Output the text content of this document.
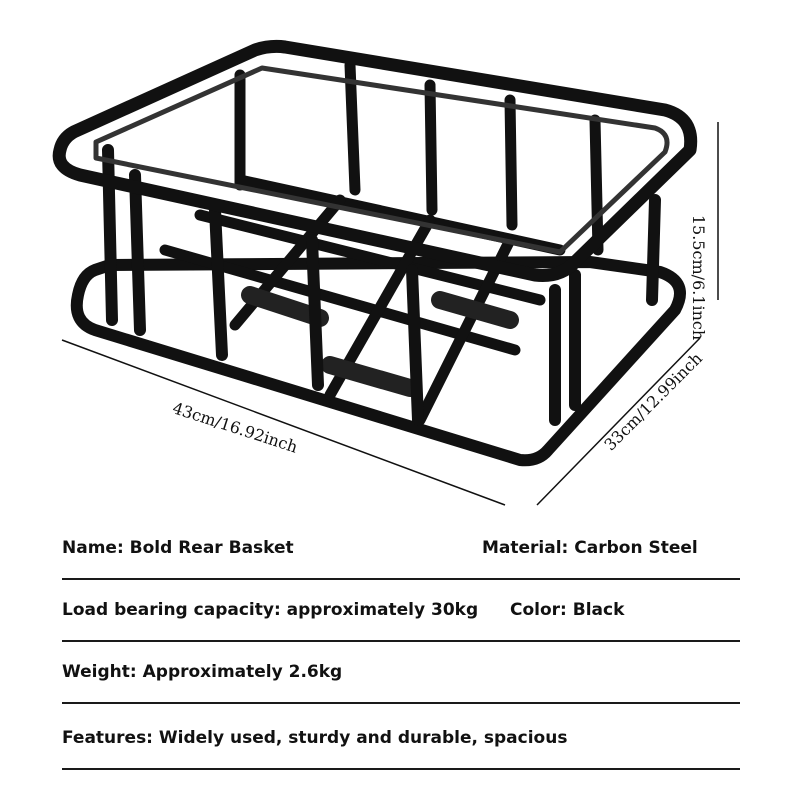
43cm/16.92inch	33cm/12.99inch
15.5cm/6.1inch
Name: Bold Rear Basket	Material: Carbon Steel
Load bearing capacity: approximately 30kg Color: Black
Weight: Approximately 2.6kg
Features: Widely used, sturdy and durable, spacious
